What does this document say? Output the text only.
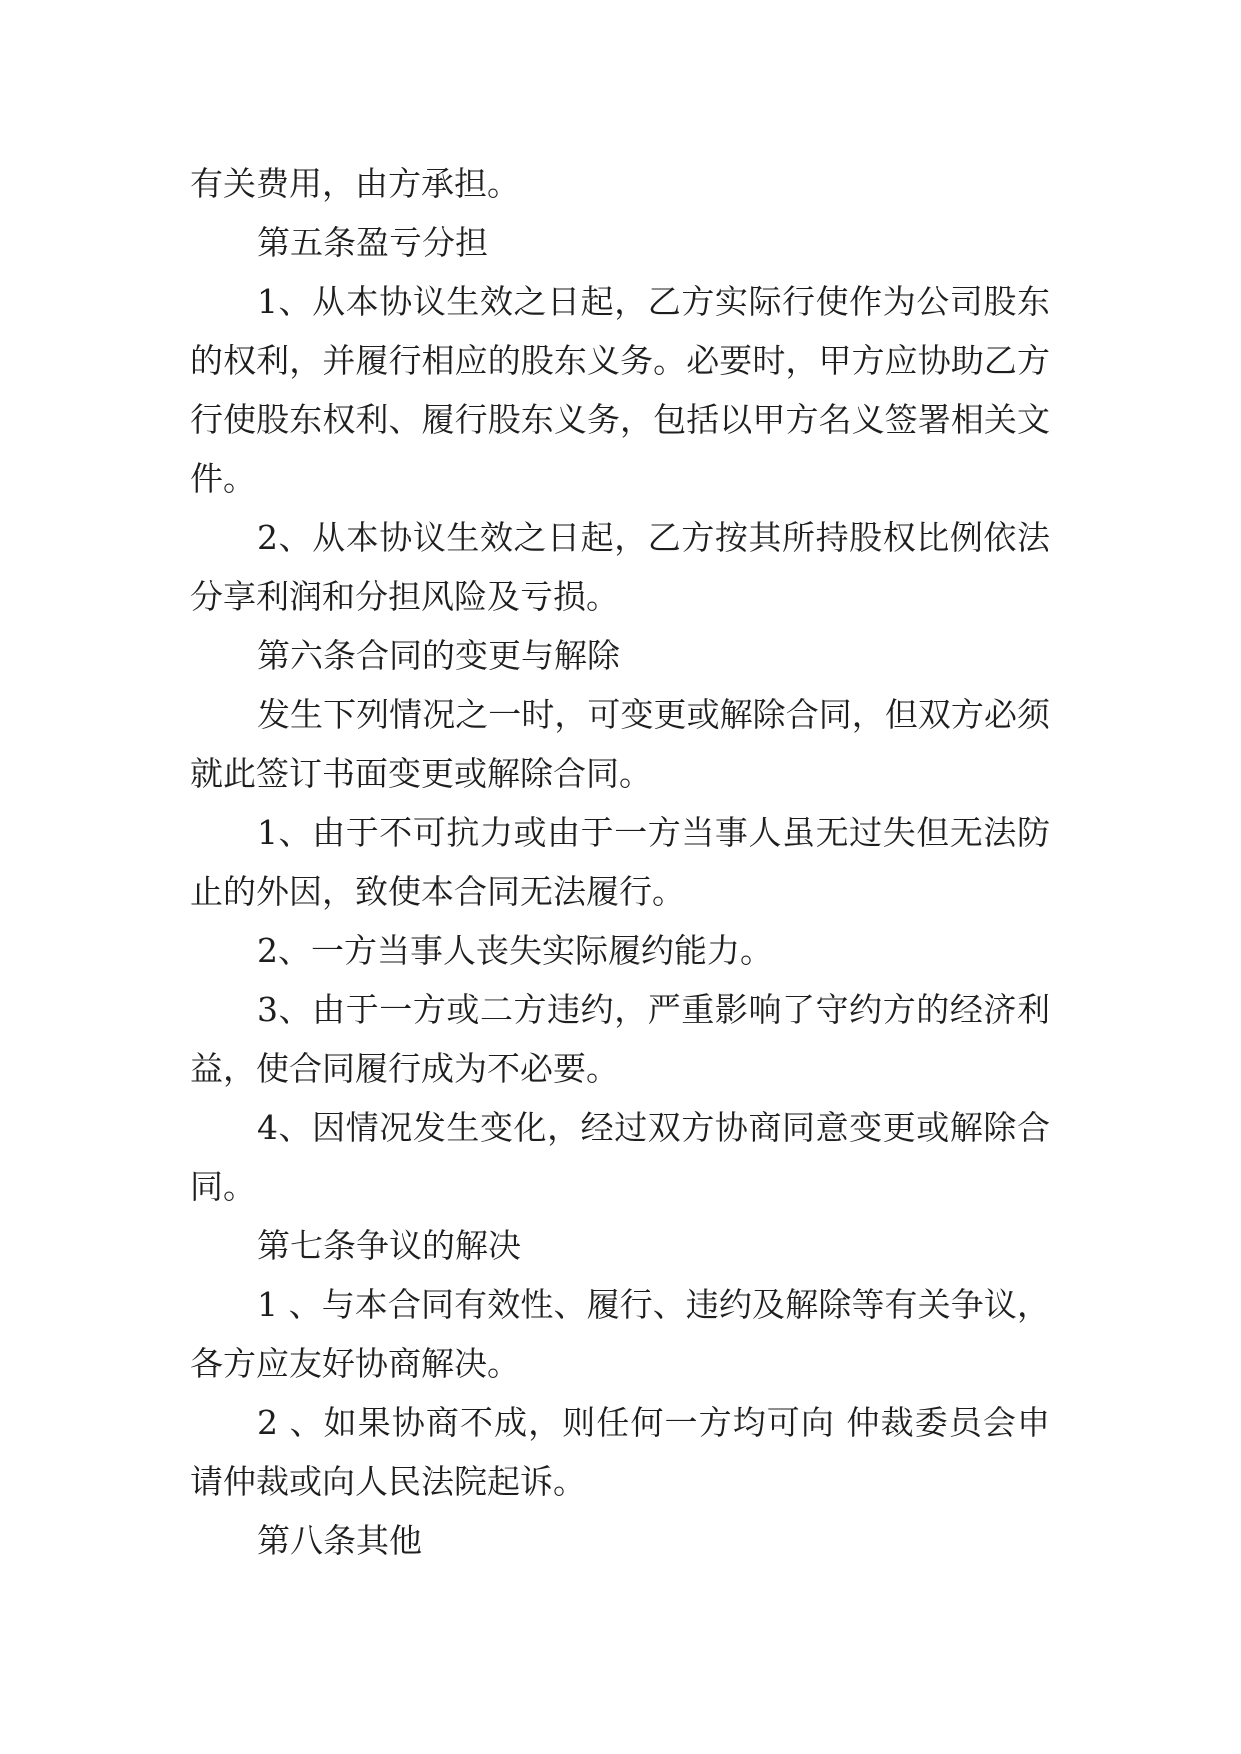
有关费用，由方承担。
第五条盈亏分担
1、从本协议生效之日起，乙方实际行使作为公司股东
的权利，并履行相应的股东义务。必要时，甲方应协助乙方
行使股东权利、履行股东义务，包括以甲方名义签署相关文
件。
2、从本协议生效之日起，乙方按其所持股权比例依法
分享利润和分担风险及亏损。
第六条合同的变更与解除
发生下列情况之一时，可变更或解除合同，但双方必须
就此签订书面变更或解除合同。
1、由于不可抗力或由于一方当事人虽无过失但无法防
止的外因，致使本合同无法履行。
2、一方当事人丧失实际履约能力。
3、由于一方或二方违约，严重影响了守约方的经济利
益，使合同履行成为不必要。
4、因情况发生变化，经过双方协商同意变更或解除合
同。
第七条争议的解决
1 、与本合同有效性、履行、违约及解除等有关争议，
各方应友好协商解决。
2 、如果协商不成，则任何一方均可向 仲裁委员会申
请仲裁或向人民法院起诉。
第八条其他
